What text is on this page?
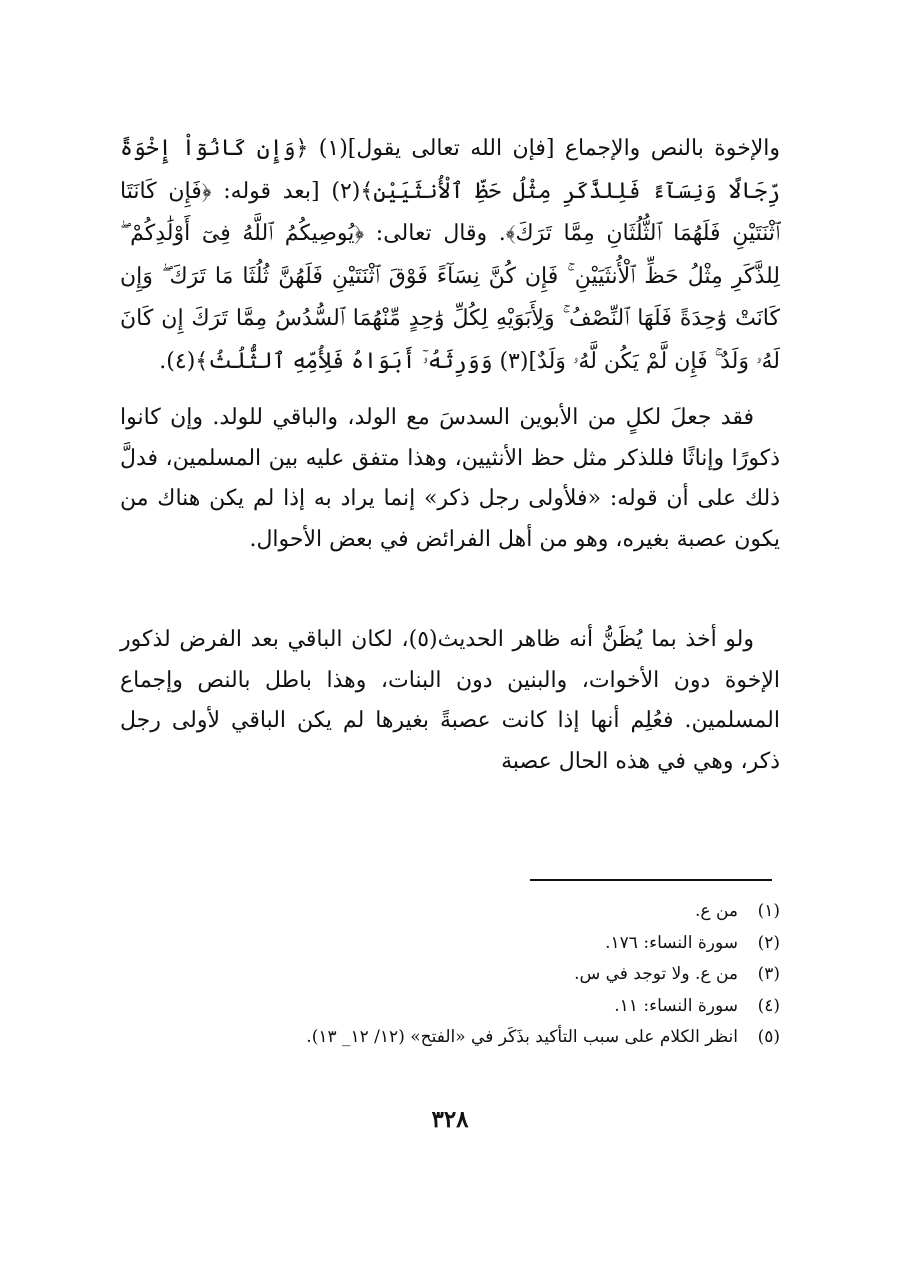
والإخوة بالنص والإجماع [فإن الله تعالى يقول](١) ﴿وَإِن كَانُوٓاْ إِخْوَةً رِّجَالًا وَنِسَآءً فَلِلذَّكَرِ مِثْلُ حَظِّ ٱلْأُنثَيَيْنِ﴾(٢) [بعد قوله: ﴿فَإِن كَانَتَا ٱثْنَتَيْنِ فَلَهُمَا ٱلثُّلُثَانِ مِمَّا تَرَكَ﴾. وقال تعالى: ﴿يُوصِيكُمُ ٱللَّهُ فِىٓ أَوْلَٰدِكُمْ ۖ لِلذَّكَرِ مِثْلُ حَظِّ ٱلْأُنثَيَيْنِ ۚ فَإِن كُنَّ نِسَآءً فَوْقَ ٱثْنَتَيْنِ فَلَهُنَّ ثُلُثَا مَا تَرَكَ ۖ وَإِن كَانَتْ وَٰحِدَةً فَلَهَا ٱلنِّصْفُ ۚ وَلِأَبَوَيْهِ لِكُلِّ وَٰحِدٍ مِّنْهُمَا ٱلسُّدُسُ مِمَّا تَرَكَ إِن كَانَ لَهُۥ وَلَدٌ ۚ فَإِن لَّمْ يَكُن لَّهُۥ وَلَدٌ](٣) وَوَرِثَهُۥٓ أَبَوَاهُ فَلِأُمِّهِ ٱلثُّلُثُ﴾(٤).

فقد جعلَ لكلٍ من الأبوين السدسَ مع الولد، والباقي للولد. وإن كانوا ذكورًا وإناثًا فللذكر مثل حظ الأنثيين، وهذا متفق عليه بين المسلمين، فدلَّ ذلك على أن قوله: «فلأولى رجل ذكر» إنما يراد به إذا لم يكن هناك من يكون عصبة بغيره، وهو من أهل الفرائض في بعض الأحوال.

ولو أخذ بما يُظَنُّ أنه ظاهر الحديث(٥)، لكان الباقي بعد الفرض لذكور الإخوة دون الأخوات، والبنين دون البنات، وهذا باطل بالنص وإجماع المسلمين. فعُلِم أنها إذا كانت عصبةً بغيرها لم يكن الباقي لأولى رجل ذكر، وهي في هذه الحال عصبة

(١)من ع.
(٢)سورة النساء: ١٧٦.
(٣)من ع. ولا توجد في س.
(٤)سورة النساء: ١١.
(٥)انظر الكلام على سبب التأكيد بذَكَر في «الفتح» (١٢/ ١٢_ ١٣).
٣٢٨
